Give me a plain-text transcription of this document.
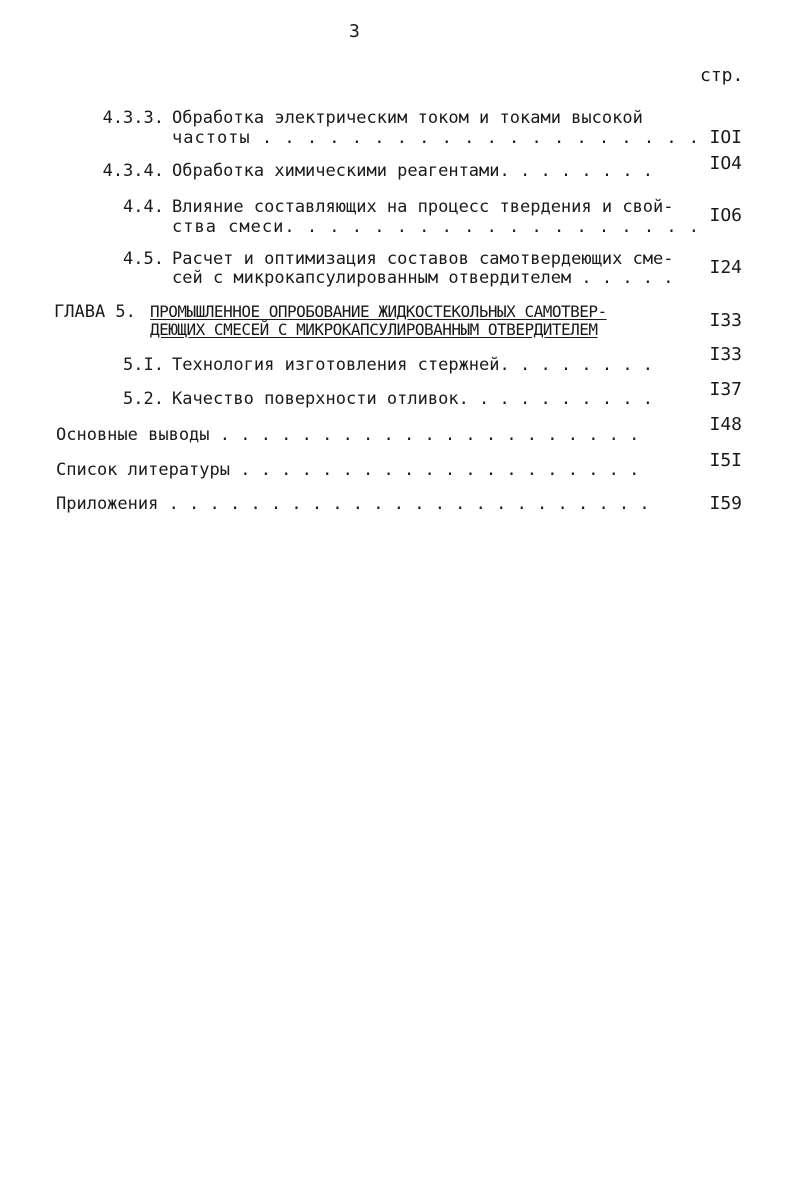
3
стр.
4.3.3. Обработка электрическим током и токами высокой
частоты . . . . . . . . . . . . . . . . . . . . IOI
4.3.4. Обработка химическими реагентами. . . . . . . .	IO4
4.4. Влияние составляющих на процесс твердения и свой-
ства смеси. . . . . . . . . . . . . . . . . . .
IO6
4.5. Расчет и оптимизация составов самотвердеющих сме-
сей с микрокапсулированным отвердителем . . . . .	I24
ГЛАВА 5. ПРОМЫШЛЕННОЕ ОПРОБОВАНИЕ ЖИДКОСТЕКОЛЬНЫХ САМОТВЕР-
ДЕЮЩИХ СМЕСЕЙ С МИКРОКАПСУЛИРОВАННЫМ ОТВЕРДИТЕЛЕМ	I33
5.I. Технология изготовления стержней. . . . . . . .	I33
5.2. Качество поверхности отливок. . . . . . . . . .	I37
Основные выводы . . . . . . . . . . . . . . . . . . . . .	I48
Список литературы . . . . . . . . . . . . . . . . . . . .	I5I
Приложения . . . . . . . . . . . . . . . . . . . . . . . .	I59
